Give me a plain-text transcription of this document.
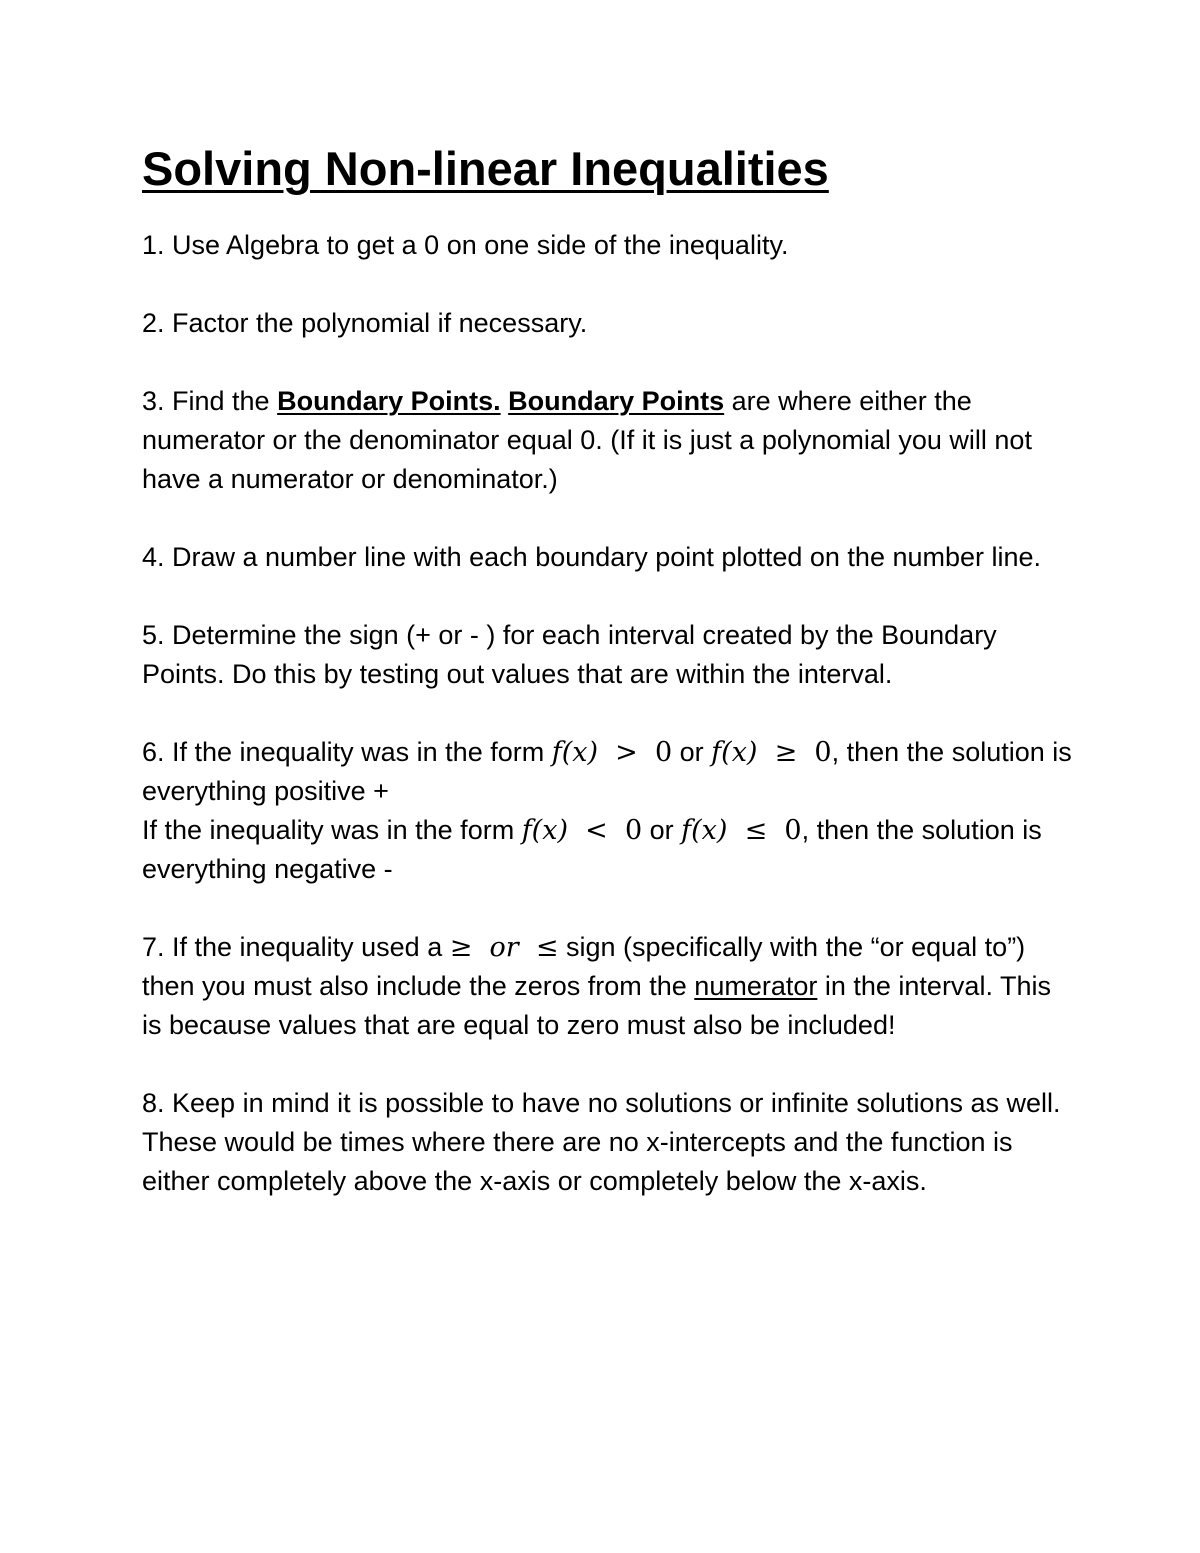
Solving Non-linear Inequalities

1. Use Algebra to get a 0 on one side of the inequality.

2. Factor the polynomial if necessary.

3. Find the Boundary Points. Boundary Points are where either the numerator or the denominator equal 0. (If it is just a polynomial you will not have a numerator or denominator.)

4. Draw a number line with each boundary point plotted on the number line.

5. Determine the sign (+ or - ) for each interval created by the Boundary Points. Do this by testing out values that are within the interval.

6. If the inequality was in the form f(x)  >  0 or f(x)  ≥  0, then the solution is everything positive +

If the inequality was in the form f(x)  <  0 or f(x)  ≤  0, then the solution is everything negative -

7. If the inequality used a ≥  or  ≤ sign (specifically with the “or equal to”) then you must also include the zeros from the numerator in the interval. This is because values that are equal to zero must also be included!

8. Keep in mind it is possible to have no solutions or infinite solutions as well. These would be times where there are no x-intercepts and the function is either completely above the x-axis or completely below the x-axis.
